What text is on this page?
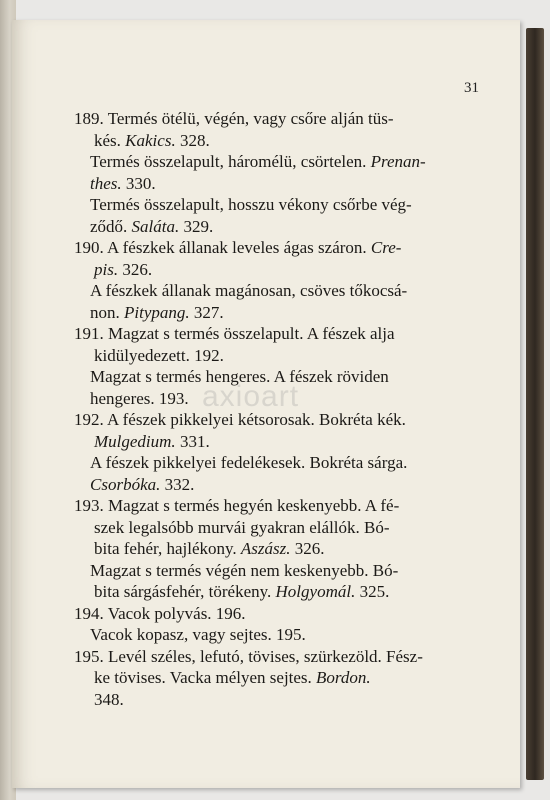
31
189. Termés ötélü, végén, vagy csőre alján tüs-
kés. Kakics. 328.
Termés összelapult, háromélü, csörtelen. Prenan-
thes. 330.
Termés összelapult, hosszu vékony csőrbe vég-
ződő. Saláta. 329.
190. A fészkek állanak leveles ágas száron. Cre-
pis. 326.
A fészkek állanak magánosan, csöves tőkocsá-
non. Pitypang. 327.
191. Magzat s termés összelapult. A fészek alja
kidülyedezett. 192.
Magzat s termés hengeres. A fészek röviden
hengeres. 193.
192. A fészek pikkelyei kétsorosak. Bokréta kék.
Mulgedium. 331.
A fészek pikkelyei fedelékesek. Bokréta sárga.
Csorbóka. 332.
193. Magzat s termés hegyén keskenyebb. A fé-
szek legalsóbb murvái gyakran elállók. Bó-
bita fehér, hajlékony. Aszász. 326.
Magzat s termés végén nem keskenyebb. Bó-
bita sárgásfehér, törékeny. Holgyomál. 325.
194. Vacok polyvás. 196.
Vacok kopasz, vagy sejtes. 195.
195. Levél széles, lefutó, tövises, szürkezöld. Fész-
ke tövises. Vacka mélyen sejtes. Bordon.
348.
axioart
